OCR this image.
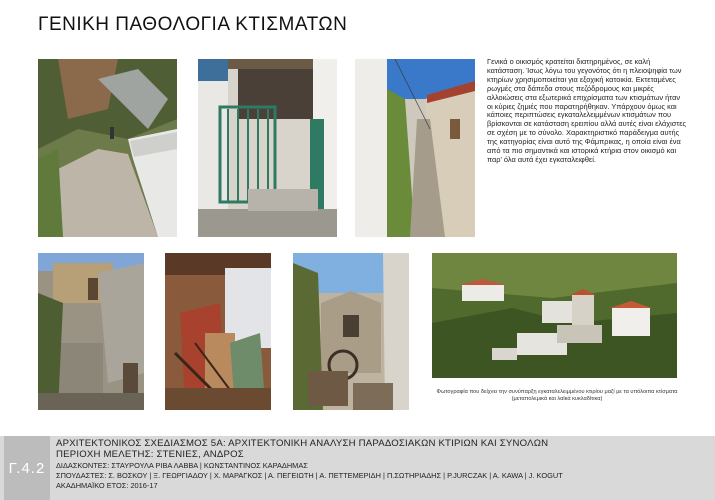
ΓΕΝΙΚΗ ΠΑΘΟΛΟΓΙΑ ΚΤΙΣΜΑΤΩΝ
Γενικά ο οικισμός κρατείται διατηρημένος, σε καλή κατάσταση. Ίσως λόγω του γεγονότος ότι η πλειοψηφία των κτηρίων χρησιμοποιείται για εξοχική κατοικία. Εκτεταμένες ρωγμές στα δάπεδα στους πεζόδρομους και μικρές αλλοιώσεις στα εξωτερικά επιχρίσματα των κτισμάτων ήταν οι κύριες ζημιές που παρατηρήθηκαν. Υπάρχουν όμως και κάποιες περιπτώσεις εγκαταλελειμμένων κτισμάτων που βρίσκονται σε κατάσταση ερειπίου αλλά αυτές είναι ελάχιστες σε σχέση με το σύνολο. Χαρακτηριστικό παράδειγμα αυτής της κατηγορίας είναι αυτό της Φάμπρικας, η οποία είναι ένα από τα πιο σημαντικά και ιστορικά κτήρια στον οικισμό και παρ' όλα αυτά έχει εγκαταλειφθεί.
Φωτογραφία που δείχνει την συνύπαρξη εγκαταλελειμμένου κτιρίου μαζί με τα υπόλοιπα κτίσματα (μεταπολεμικά και λαϊκά κυκλαδίτικα)
Γ.4.2
ΑΡΧΙΤΕΚΤΟΝΙΚΟΣ ΣΧΕΔΙΑΣΜΟΣ 5Α: ΑΡΧΙΤΕΚΤΟΝΙΚΗ ΑΝΑΛΥΣΗ ΠΑΡΑΔΟΣΙΑΚΩΝ ΚΤΙΡΙΩΝ ΚΑΙ ΣΥΝΟΛΩΝ
ΠΕΡΙΟΧΗ ΜΕΛΕΤΗΣ: ΣΤΕΝΙΕΣ, ΑΝΔΡΟΣ
ΔΙΔΑΣΚΟΝΤΕΣ: ΣΤΑΥΡΟΥΛΑ ΡΙΒΑ ΛΑΒΒΑ | ΚΩΝΣΤΑΝΤΙΝΟΣ ΚΑΡΑΔΗΜΑΣ
ΣΠΟΥΔΑΣΤΕΣ: Σ. ΒΟΣΚΟΥ | Ξ. ΓΕΩΡΓΙΑΔΟΥ | Χ. ΜΑΡΑΓΚΟΣ | Α. ΠΕΓΕΙΩΤΗ | Α. ΠΕΤΤΕΜΕΡΙΔΗ | Π.ΣΩΤΗΡΙΑΔΗΣ | P.JURCZAK | A. KAWA | J. KOGUT
ΑΚΑΔΗΜΑΪΚΟ ΕΤΟΣ: 2016-17
